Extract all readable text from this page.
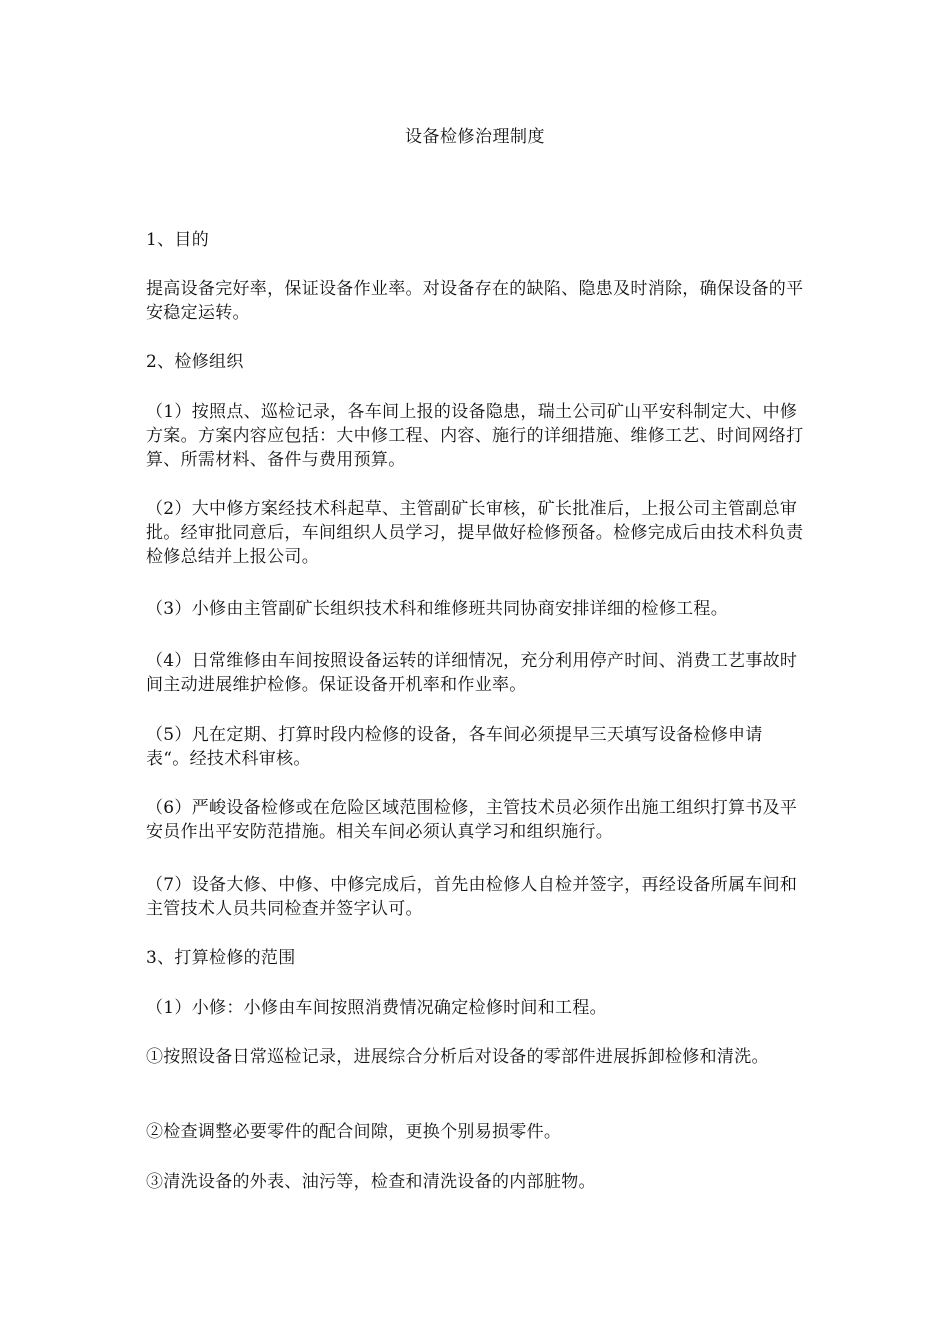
设备检修治理制度

1、目的

提高设备完好率，保证设备作业率。对设备存在的缺陷、隐患及时消除，确保设备的平安稳定运转。

2、检修组织

（1）按照点、巡检记录，各车间上报的设备隐患，瑞土公司矿山平安科制定大、中修方案。方案内容应包括：大中修工程、内容、施行的详细措施、维修工艺、时间网络打算、所需材料、备件与费用预算。

（2）大中修方案经技术科起草、主管副矿长审核，矿长批准后，上报公司主管副总审批。经审批同意后，车间组织人员学习，提早做好检修预备。检修完成后由技术科负责检修总结并上报公司。

（3）小修由主管副矿长组织技术科和维修班共同协商安排详细的检修工程。

（4）日常维修由车间按照设备运转的详细情况，充分利用停产时间、消费工艺事故时间主动进展维护检修。保证设备开机率和作业率。

（5）凡在定期、打算时段内检修的设备，各车间必须提早三天填写设备检修申请表“。经技术科审核。

（6）严峻设备检修或在危险区域范围检修，主管技术员必须作出施工组织打算书及平安员作出平安防范措施。相关车间必须认真学习和组织施行。

（7）设备大修、中修、中修完成后，首先由检修人自检并签字，再经设备所属车间和主管技术人员共同检查并签字认可。

3、打算检修的范围

（1）小修：小修由车间按照消费情况确定检修时间和工程。

①按照设备日常巡检记录，进展综合分析后对设备的零部件进展拆卸检修和清洗。

②检查调整必要零件的配合间隙，更换个别易损零件。

③清洗设备的外表、油污等，检查和清洗设备的内部脏物。
